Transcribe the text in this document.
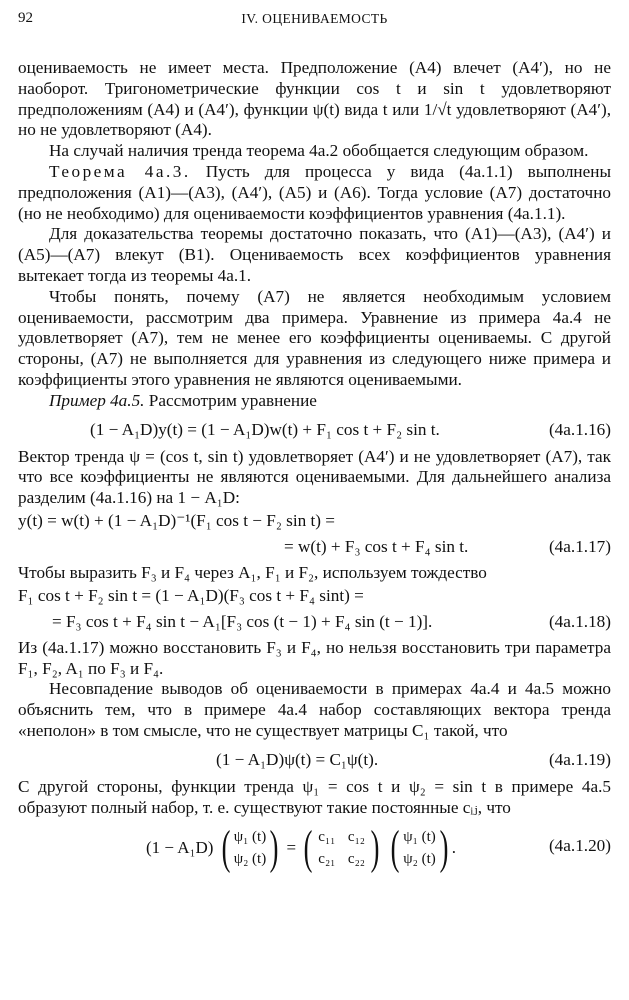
92	IV. ОЦЕНИВАЕМОСТЬ

оцениваемость не имеет места. Предположение (A4) влечет (A4′), но не наоборот. Тригонометрические функции cos t и sin t удовлетворяют предположениям (A4) и (A4′), функции ψ(t) вида t или 1/√t удовлетворяют (A4′), но не удовлетворяют (A4).

На случай наличия тренда теорема 4a.2 обобщается следующим образом.

Теорема 4a.3. Пусть для процесса y вида (4a.1.1) выполнены предположения (A1)—(A3), (A4′), (A5) и (A6). Тогда условие (A7) достаточно (но не необходимо) для оцениваемости коэффициентов уравнения (4a.1.1).

Для доказательства теоремы достаточно показать, что (A1)—(A3), (A4′) и (A5)—(A7) влекут (B1). Оцениваемость всех коэффициентов уравнения вытекает тогда из теоремы 4a.1.

Чтобы понять, почему (A7) не является необходимым условием оцениваемости, рассмотрим два примера. Уравнение из примера 4a.4 не удовлетворяет (A7), тем не менее его коэффициенты оцениваемы. С другой стороны, (A7) не выполняется для уравнения из следующего ниже примера и коэффициенты этого уравнения не являются оцениваемыми.

Пример 4a.5. Рассмотрим уравнение

(1 − A₁D)y(t) = (1 − A₁D)w(t) + F₁ cos t + F₂ sin t.	(4a.1.16)

Вектор тренда ψ = (cos t, sin t) удовлетворяет (A4′) и не удовлетворяет (A7), так что все коэффициенты не являются оцениваемыми. Для дальнейшего анализа разделим (4a.1.16) на 1 − A₁D:

y(t) = w(t) + (1 − A₁D)⁻¹(F₁ cos t − F₂ sin t) =
= w(t) + F₃ cos t + F₄ sin t.	(4a.1.17)

Чтобы выразить F₃ и F₄ через A₁, F₁ и F₂, используем тождество

F₁ cos t + F₂ sin t = (1 − A₁D)(F₃ cos t + F₄ sint) =
= F₃ cos t + F₄ sin t − A₁[F₃ cos (t − 1) + F₄ sin (t − 1)].	(4a.1.18)

Из (4a.1.17) можно восстановить F₃ и F₄, но нельзя восстановить три параметра F₁, F₂, A₁ по F₃ и F₄.

Несовпадение выводов об оцениваемости в примерах 4a.4 и 4a.5 можно объяснить тем, что в примере 4a.4 набор составляющих вектора тренда «неполон» в том смысле, что не существует матрицы C₁ такой, что

(1 − A₁D)ψ(t) = C₁ψ(t).	(4a.1.19)

С другой стороны, функции тренда ψ₁ = cos t и ψ₂ = sin t в примере 4a.5 образуют полный набор, т. е. существуют такие постоянные cᵢⱼ, что

(1 − A₁D) ( ψ₁ (t)
ψ₂ (t)) = ( c₁₁
c₂₁  c₁₂
c₂₂ ) ( ψ₁ (t)
ψ₂ (t)) .	(4a.1.20)
